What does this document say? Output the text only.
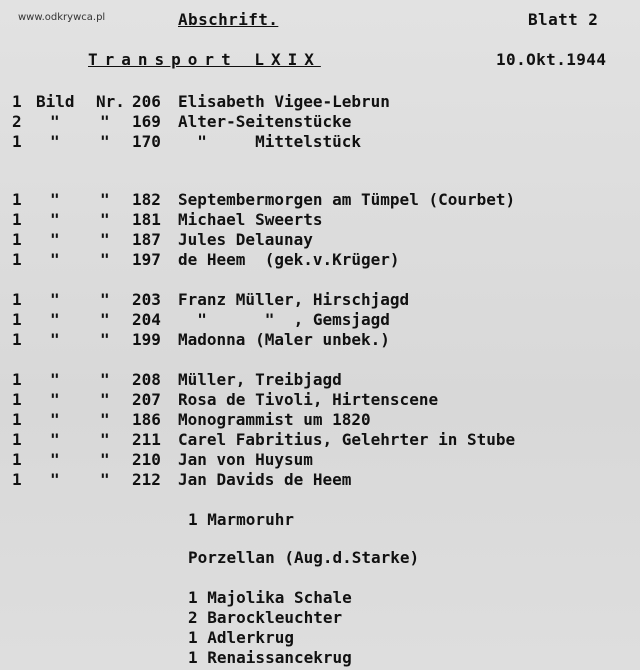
www.odkrywca.pl	Abschrift.	Blatt 2
Transport LXIX	10.Okt.1944
1 Bild Nr. 206 Elisabeth Vigee-Lebrun
2 "	" 169 Alter-Seitenstücke
1 "	" 170 "     Mittelstück
1 "	" 182 Septembermorgen am Tümpel (Courbet)
1 "	" 181 Michael Sweerts
1 "	" 187 Jules Delaunay
1 "	" 197 de Heem  (gek.v.Krüger)
1 "	" 203 Franz Müller, Hirschjagd
1 "	" 204 "      "  , Gemsjagd
1 "	" 199 Madonna (Maler unbek.)
1 "	" 208 Müller, Treibjagd
1 "	" 207 Rosa de Tivoli, Hirtenscene
1 "	" 186 Monogrammist um 1820
1 "	" 211 Carel Fabritius, Gelehrter in Stube
1 "	" 210 Jan von Huysum
1 "	" 212 Jan Davids de Heem
1 Marmoruhr
Porzellan (Aug.d.Starke)
1 Majolika Schale
2 Barockleuchter
1 Adlerkrug
1 Renaissancekrug
